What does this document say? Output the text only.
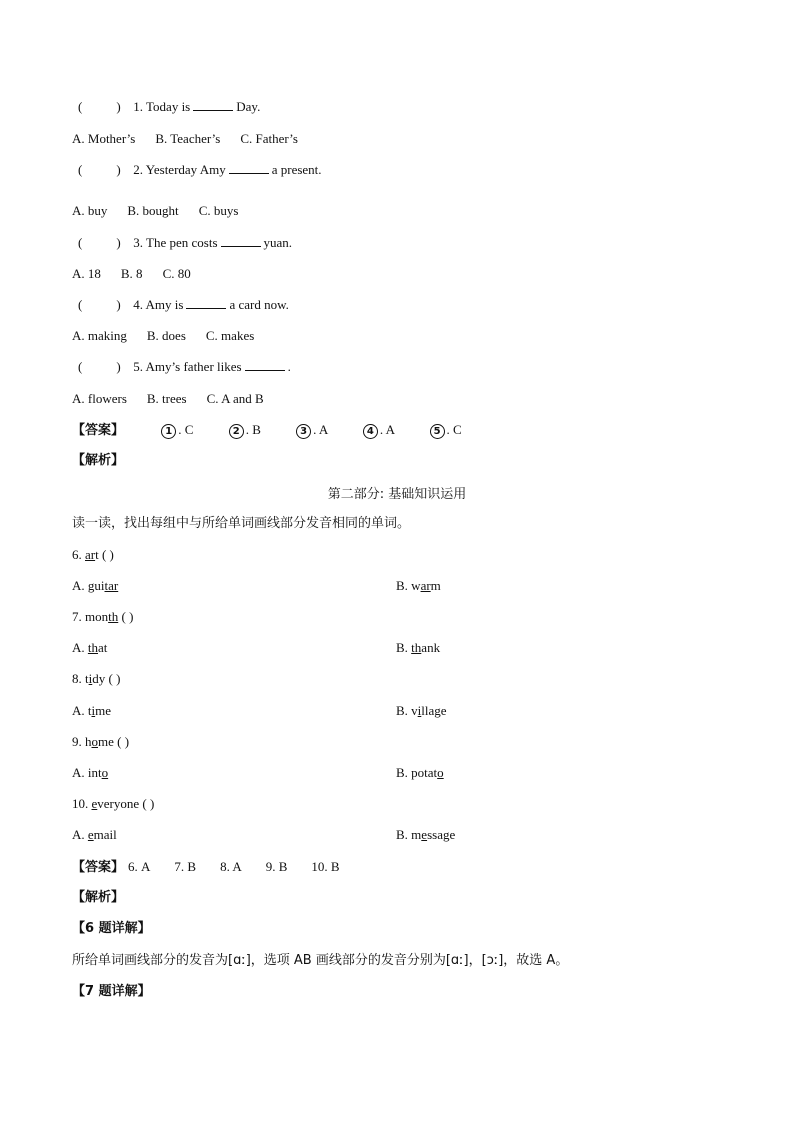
(	) 1. Today is	Day.
A. Mother’s B. Teacher’s C. Father’s
(	) 2. Yesterday Amy	a present.
A. buy B. bought C. buys
(	) 3. The pen costs	yuan.
A. 18 B. 8 C. 80
(	) 4. Amy is	a card now.
A. making B. does C. makes
(	) 5. Amy’s father likes	.
A. flowers B. trees C. A and B
【答案】	1 . C	2 . B	3 . A	4 . A	5 . C
【解析】
第二部分: 基础知识运用
读一读，找出每组中与所给单词画线部分发音相同的单词。
6. art ( )
A. guitar	B. warm
7. month ( )
A. that	B. thank
8. tidy ( )
A. time	B. village
9. home ( )
A. into	B. potato
10. everyone ( )
A. email	B. message
【答案】 6. A 7. B 8. A 9. B 10. B
【解析】
【6 题详解】
所给单词画线部分的发音为[ɑː]，选项 AB 画线部分的发音分别为[ɑː]，[ɔː]，故选 A。
【7 题详解】
